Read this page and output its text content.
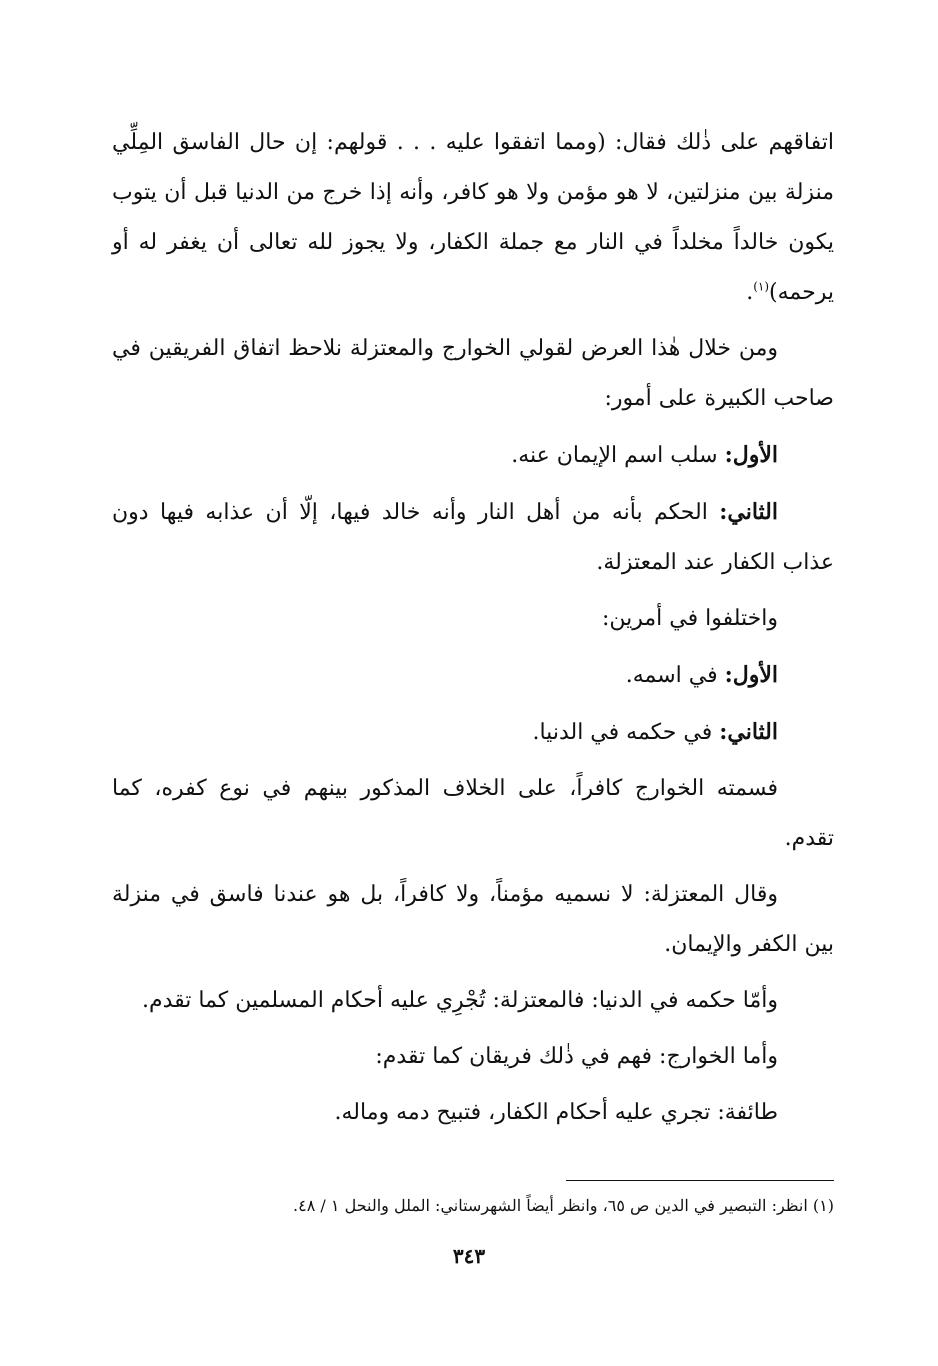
اتفاقهم على ذٰلك فقال: (ومما اتفقوا عليه . . . قولهم: إن حال الفاسق المِلِّي منزلة بين منزلتين، لا هو مؤمن ولا هو كافر، وأنه إذا خرج من الدنيا قبل أن يتوب يكون خالداً مخلداً في النار مع جملة الكفار، ولا يجوز لله تعالى أن يغفر له أو يرحمه)$^{(١)}$.

ومن خلال هٰذا العرض لقولي الخوارج والمعتزلة نلاحظ اتفاق الفريقين في صاحب الكبيرة على أمور:

الأول: سلب اسم الإيمان عنه.

الثاني: الحكم بأنه من أهل النار وأنه خالد فيها، إلّا أن عذابه فيها دون عذاب الكفار عند المعتزلة.

واختلفوا في أمرين:

الأول: في اسمه.

الثاني: في حكمه في الدنيا.

فسمته الخوارج كافراً، على الخلاف المذكور بينهم في نوع كفره، كما تقدم.

وقال المعتزلة: لا نسميه مؤمناً، ولا كافراً، بل هو عندنا فاسق في منزلة بين الكفر والإيمان.

وأمّا حكمه في الدنيا: فالمعتزلة: تُجْرِي عليه أحكام المسلمين كما تقدم.

وأما الخوارج: فهم في ذٰلك فريقان كما تقدم:

طائفة: تجري عليه أحكام الكفار، فتبيح دمه وماله.

(١) انظر: التبصير في الدين ص ٦٥، وانظر أيضاً الشهرستاني: الملل والنحل ١ / ٤٨.
٣٤٣
